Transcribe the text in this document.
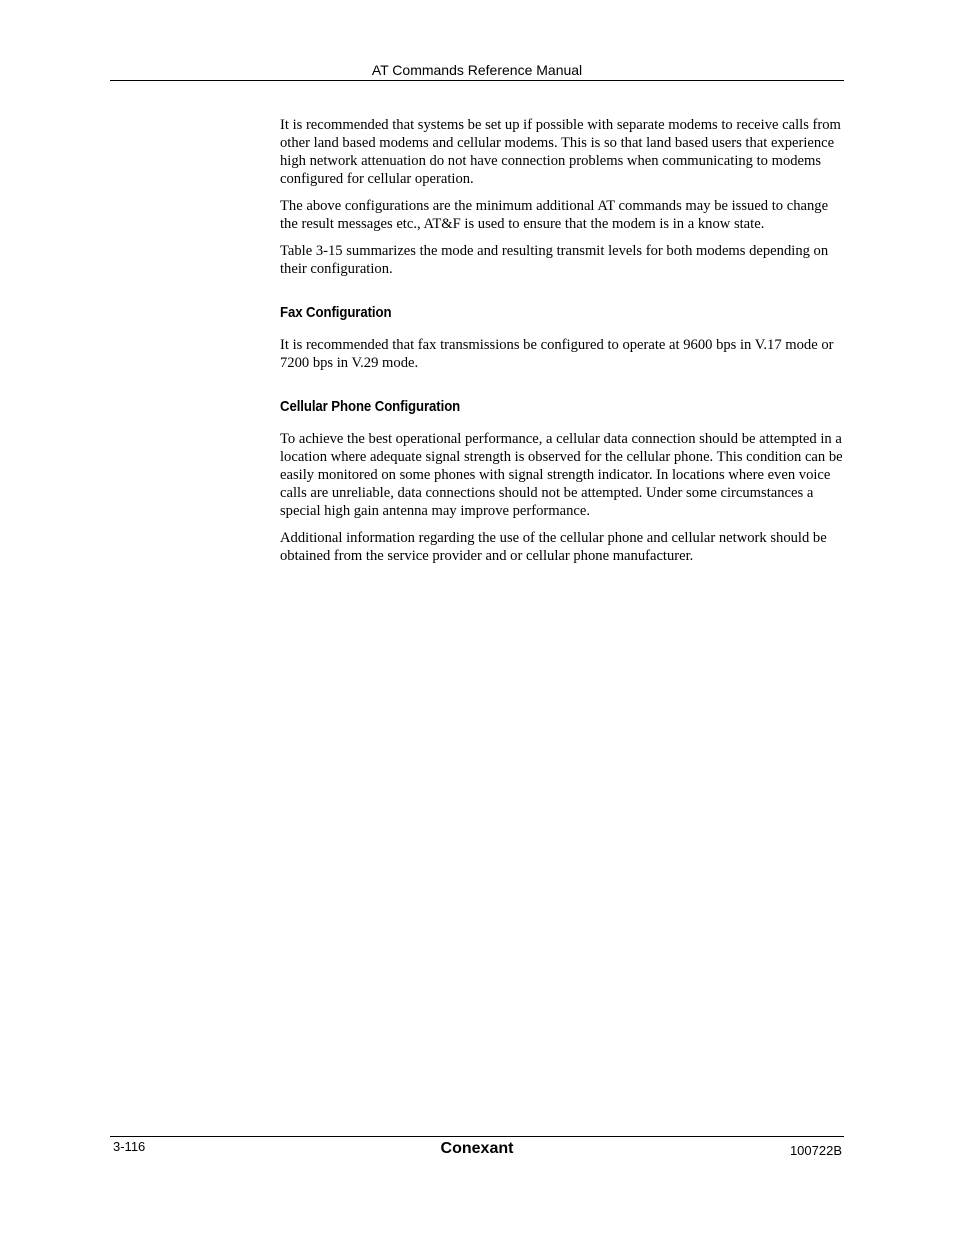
AT Commands Reference Manual

It is recommended that systems be set up if possible with separate modems to receive calls from other land based modems and cellular modems. This is so that land based users that experience high network attenuation do not have connection problems when communicating to modems configured for cellular operation.

The above configurations are the minimum additional AT commands may be issued to change the result messages etc., AT&F is used to ensure that the modem is in a know state.

Table 3-15 summarizes the mode and resulting transmit levels for both modems depending on their configuration.

Fax Configuration

It is recommended that fax transmissions be configured to operate at 9600 bps in V.17 mode or 7200 bps in V.29 mode.

Cellular Phone Configuration

To achieve the best operational performance, a cellular data connection should be attempted in a location where adequate signal strength is observed for the cellular phone. This condition can be easily monitored on some phones with signal strength indicator. In locations where even voice calls are unreliable, data connections should not be attempted. Under some circumstances a special high gain antenna may improve performance.

Additional information regarding the use of the cellular phone and cellular network should be obtained from the service provider and or cellular phone manufacturer.

3-116	Conexant	100722B
